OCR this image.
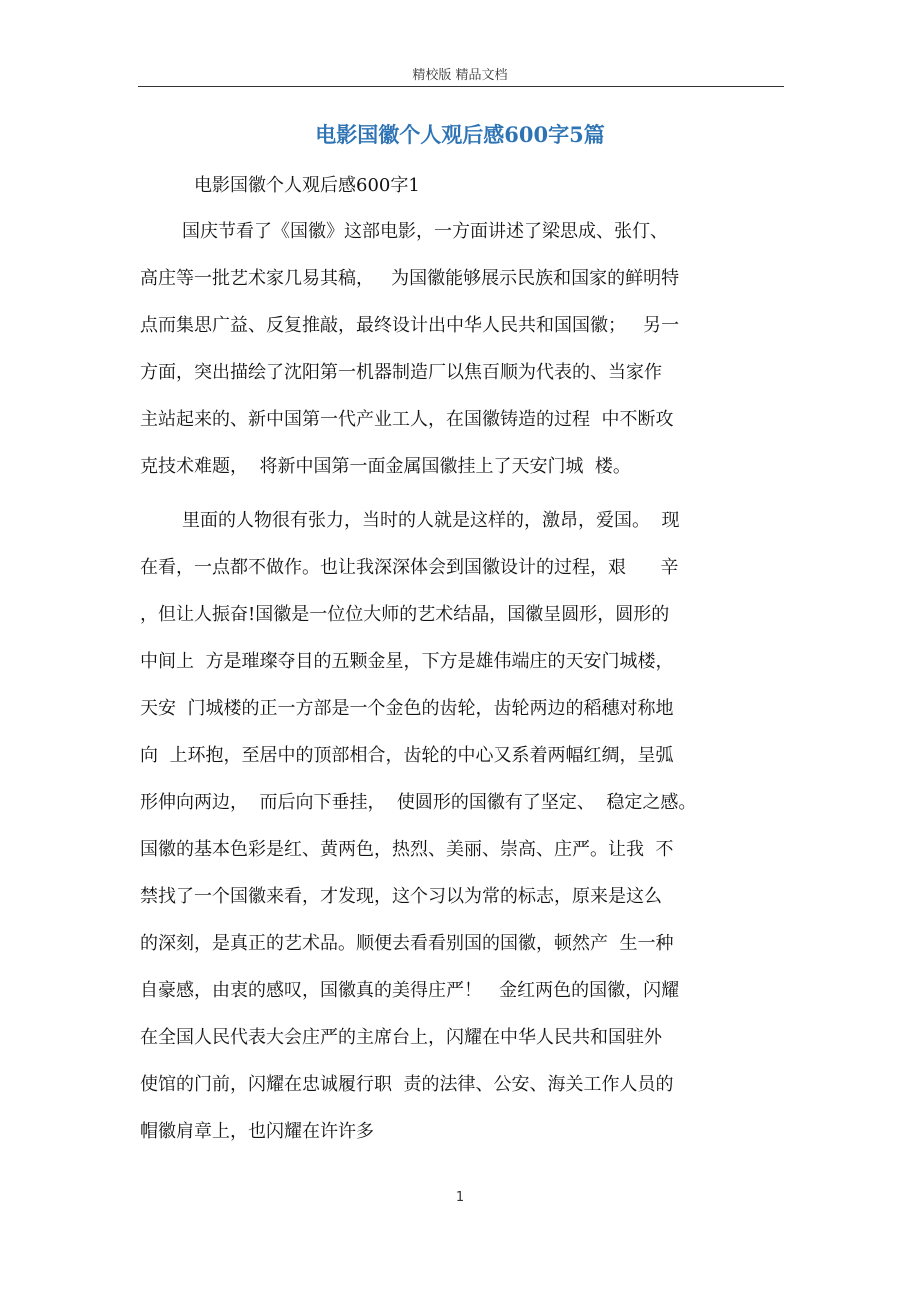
精校版 精品文档
电影国徽个人观后感600字5篇
电影国徽个人观后感600字1
国庆节看了《国徽》这部电影，一方面讲述了梁思成、张仃、
高庄等一批艺术家几易其稿，   为国徽能够展示民族和国家的鲜明特
点而集思广益、反复推敲，最终设计出中华人民共和国国徽；   另一
方面，突出描绘了沈阳第一机器制造厂以焦百顺为代表的、当家作
主站起来的、新中国第一代产业工人，在国徽铸造的过程  中不断攻
克技术难题，  将新中国第一面金属国徽挂上了天安门城  楼。
里面的人物很有张力，当时的人就是这样的，激昂，爱国。  现
在看，一点都不做作。也让我深深体会到国徽设计的过程，艰      辛
，但让人振奋!国徽是一位位大师的艺术结晶，国徽呈圆形，圆形的
中间上  方是璀璨夺目的五颗金星，下方是雄伟端庄的天安门城楼，
天安  门城楼的正一方部是一个金色的齿轮，齿轮两边的稻穗对称地
向  上环抱，至居中的顶部相合，齿轮的中心又系着两幅红绸，呈弧
形伸向两边，  而后向下垂挂，  使圆形的国徽有了坚定、  稳定之感。
国徽的基本色彩是红、黄两色，热烈、美丽、崇高、庄严。让我  不
禁找了一个国徽来看，才发现，这个习以为常的标志，原来是这么
的深刻，是真正的艺术品。顺便去看看别国的国徽，顿然产  生一种
自豪感，由衷的感叹，国徽真的美得庄严！   金红两色的国徽，闪耀
在全国人民代表大会庄严的主席台上，闪耀在中华人民共和国驻外
使馆的门前，闪耀在忠诚履行职  责的法律、公安、海关工作人员的
帽徽肩章上，也闪耀在许许多
1
